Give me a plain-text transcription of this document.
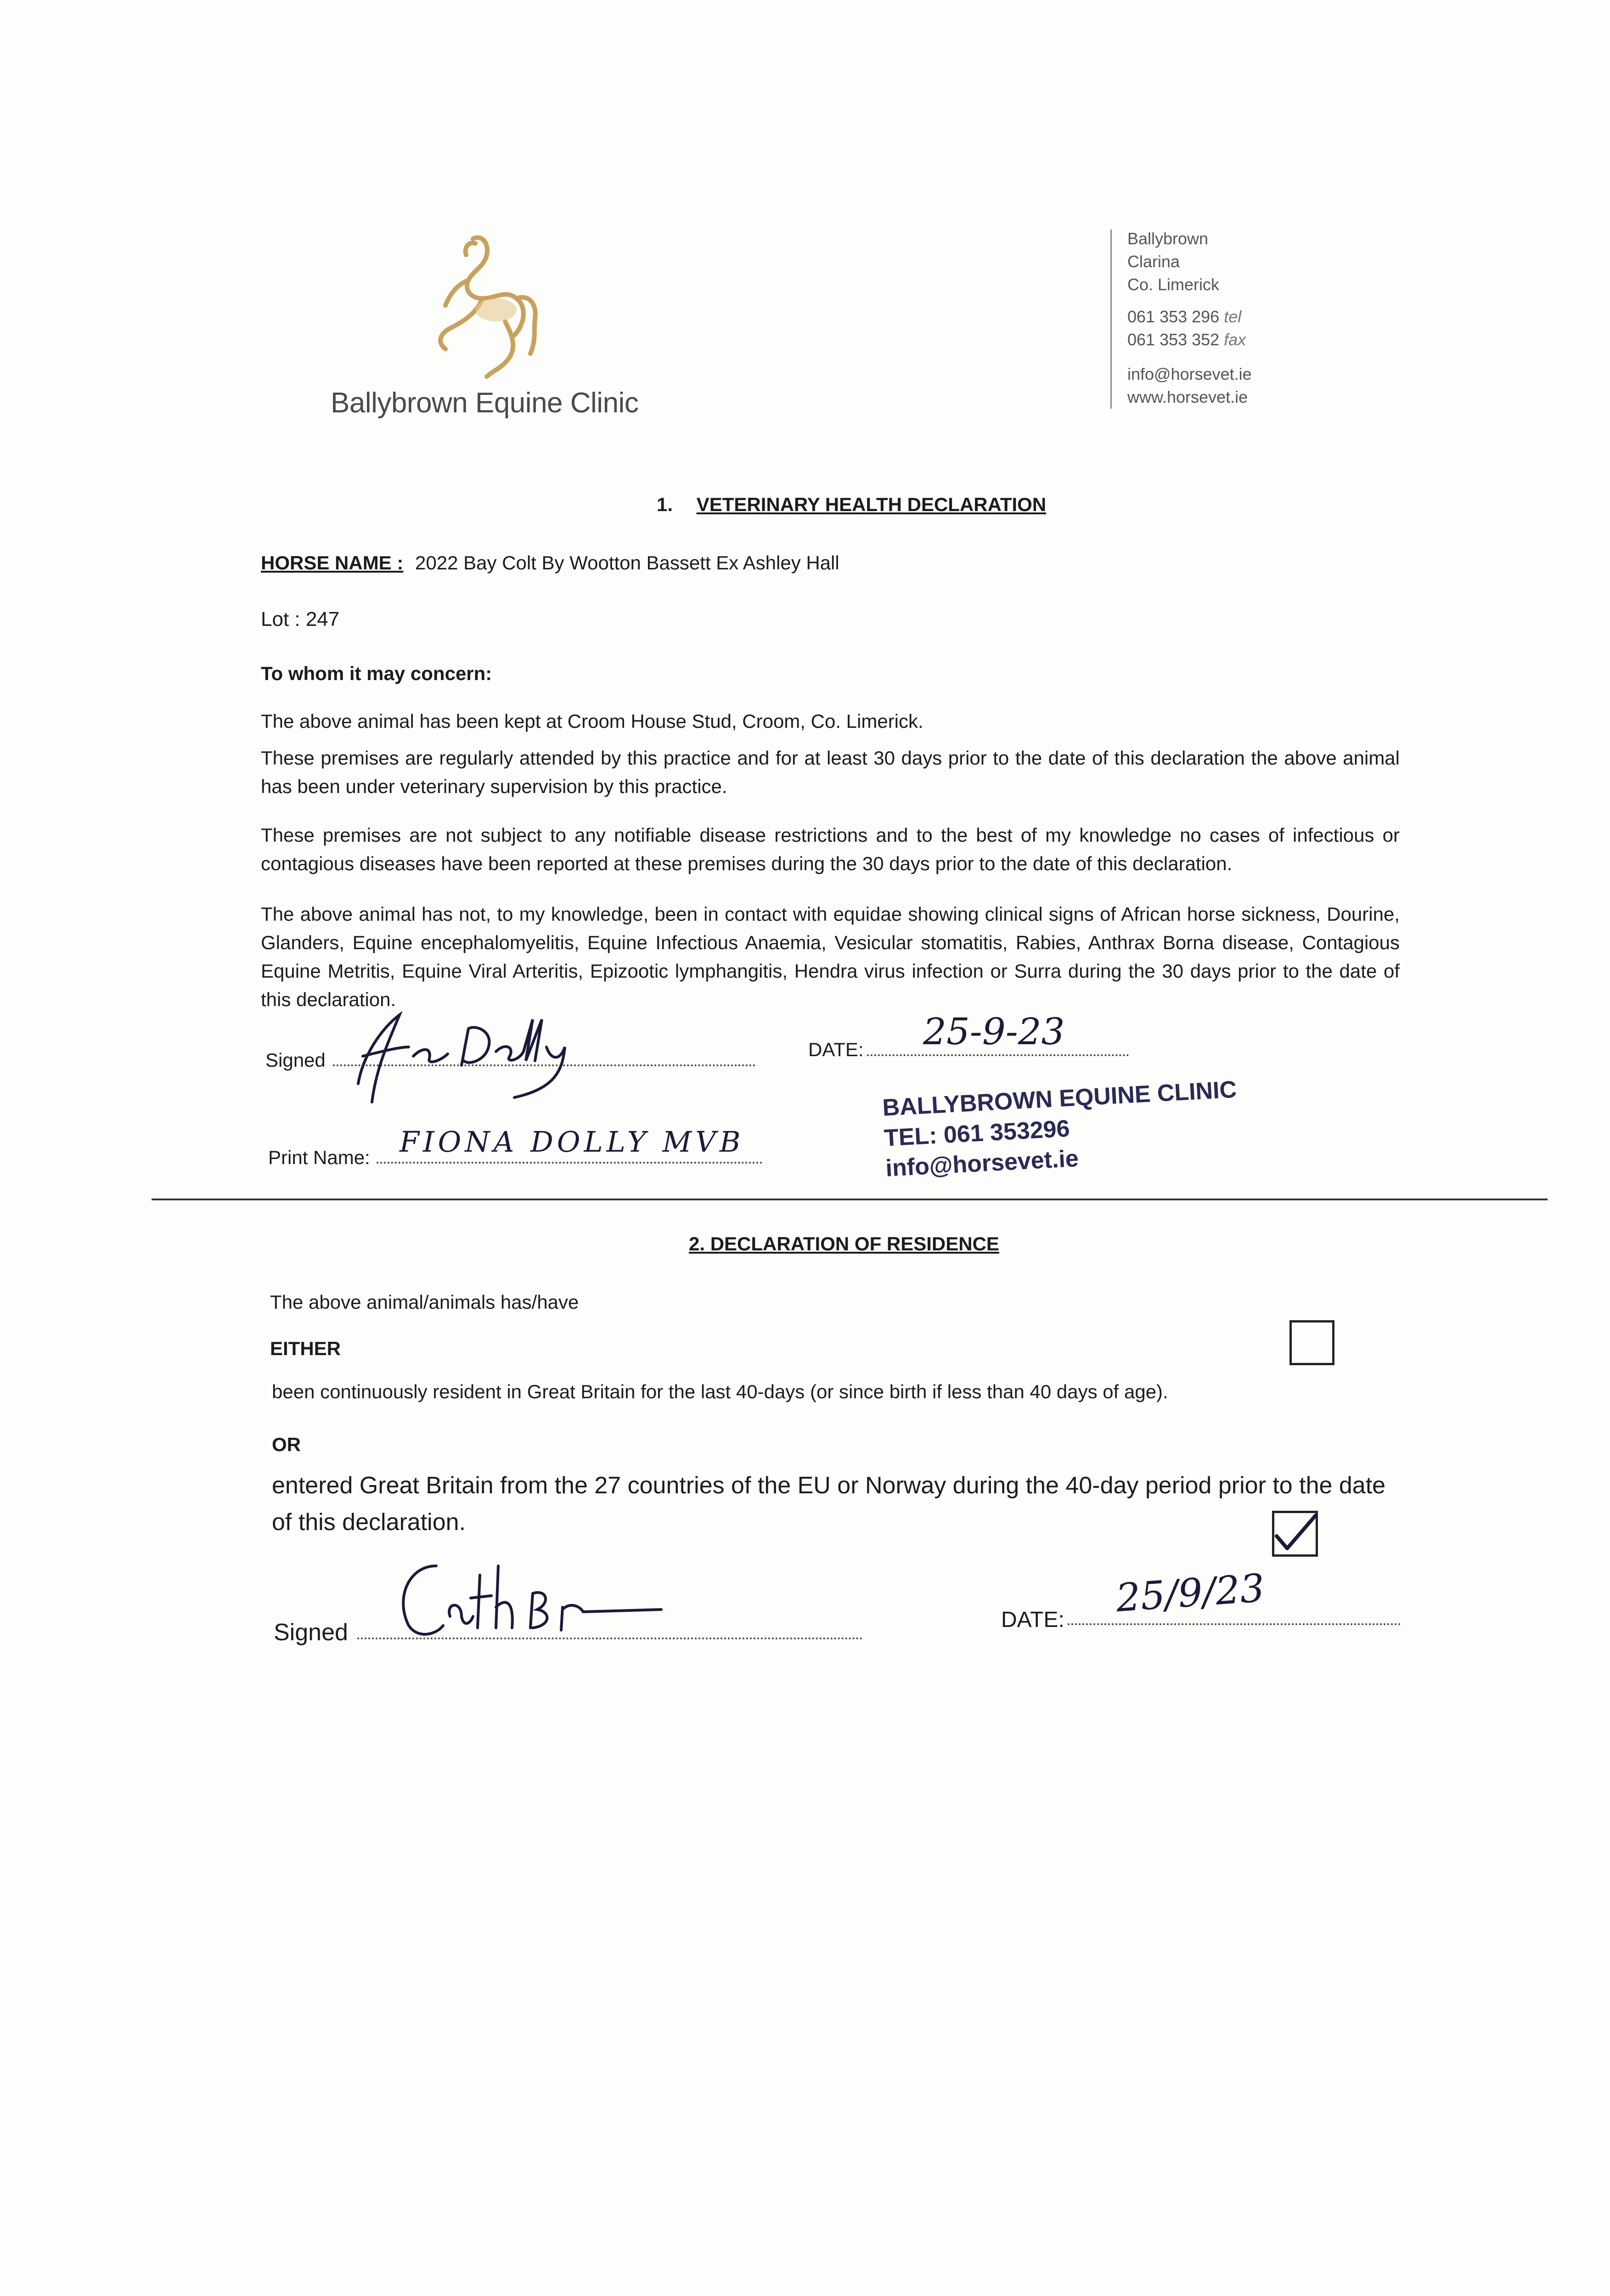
Ballybrown Equine Clinic
Ballybrown
Clarina
Co. Limerick
061 353 296 tel
061 353 352 fax
info@horsevet.ie
www.horsevet.ie
1. VETERINARY HEALTH DECLARATION
HORSE NAME : 2022 Bay Colt By Wootton Bassett Ex Ashley Hall
Lot : 247
To whom it may concern:
The above animal has been kept at Croom House Stud, Croom, Co. Limerick.
These premises are regularly attended by this practice and for at least 30 days prior to the date of this declaration the above animal has been under veterinary supervision by this practice.
These premises are not subject to any notifiable disease restrictions and to the best of my knowledge no cases of infectious or contagious diseases have been reported at these premises during the 30 days prior to the date of this declaration.
The above animal has not, to my knowledge, been in contact with equidae showing clinical signs of African horse sickness, Dourine, Glanders, Equine encephalomyelitis, Equine Infectious Anaemia, Vesicular stomatitis, Rabies, Anthrax Borna disease, Contagious Equine Metritis, Equine Viral Arteritis, Epizootic lymphangitis, Hendra virus infection or Surra during the 30 days prior to the date of this declaration.
Signed	DATE: 25-9-23
Print Name: FIONA DOLLY MVB
BALLYBROWN EQUINE CLINIC
TEL: 061 353296
info@horsevet.ie
2. DECLARATION OF RESIDENCE
The above animal/animals has/have
EITHER
been continuously resident in Great Britain for the last 40-days (or since birth if less than 40 days of age).
OR
entered Great Britain from the 27 countries of the EU or Norway during the 40-day period prior to the date of this declaration.
Signed	DATE: 25/9/23
